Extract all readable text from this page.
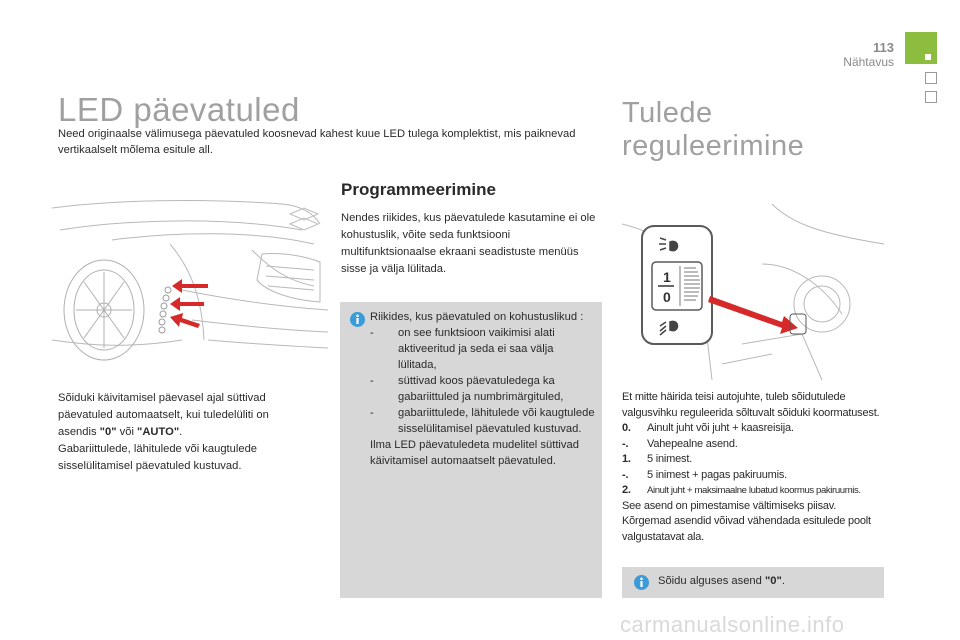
113
Nähtavus
LED päevatuled
Need originaalse välimusega päevatuled koosnevad kahest kuue LED tulega komplektist, mis paiknevad vertikaalselt mõlema esitule all.
Tulede
reguleerimine
Programmeerimine
Nendes riikides, kus päevatulede kasutamine ei ole kohustuslik, võite seda funktsiooni multifunktsionaalse ekraani seadistuste menüüs sisse ja välja lülitada.
Riikides, kus päevatuled on kohustuslikud :
- on see funktsioon vaikimisi alati aktiveeritud ja seda ei saa välja lülitada,
- süttivad koos päevatuledega ka gabariittuled ja numbrimärgituled,
- gabariittulede, lähitulede või kaugtulede sisselülitamisel päevatuled kustuvad.
Ilma LED päevatuledeta mudelitel süttivad käivitamisel automaatselt päevatuled.
Sõiduki käivitamisel päevasel ajal süttivad päevatuled automaatselt, kui tuledelüliti on asendis "0" või "AUTO".
Gabariittulede, lähitulede või kaugtulede sisselülitamisel päevatuled kustuvad.
1
0
Et mitte häirida teisi autojuhte, tuleb sõidutulede valgusvihku reguleerida sõltuvalt sõiduki koormatusest.
0.	Ainult juht või juht + kaasreisija.
-.	Vahepealne asend.
1.	5 inimest.
-.	5 inimest + pagas pakiruumis.
2.	Ainult juht + maksimaalne lubatud koormus pakiruumis.
See asend on pimestamise vältimiseks piisav.
Kõrgemad asendid võivad vähendada esitulede poolt valgustatavat ala.
Sõidu alguses asend "0".
carmanualsonline.info
